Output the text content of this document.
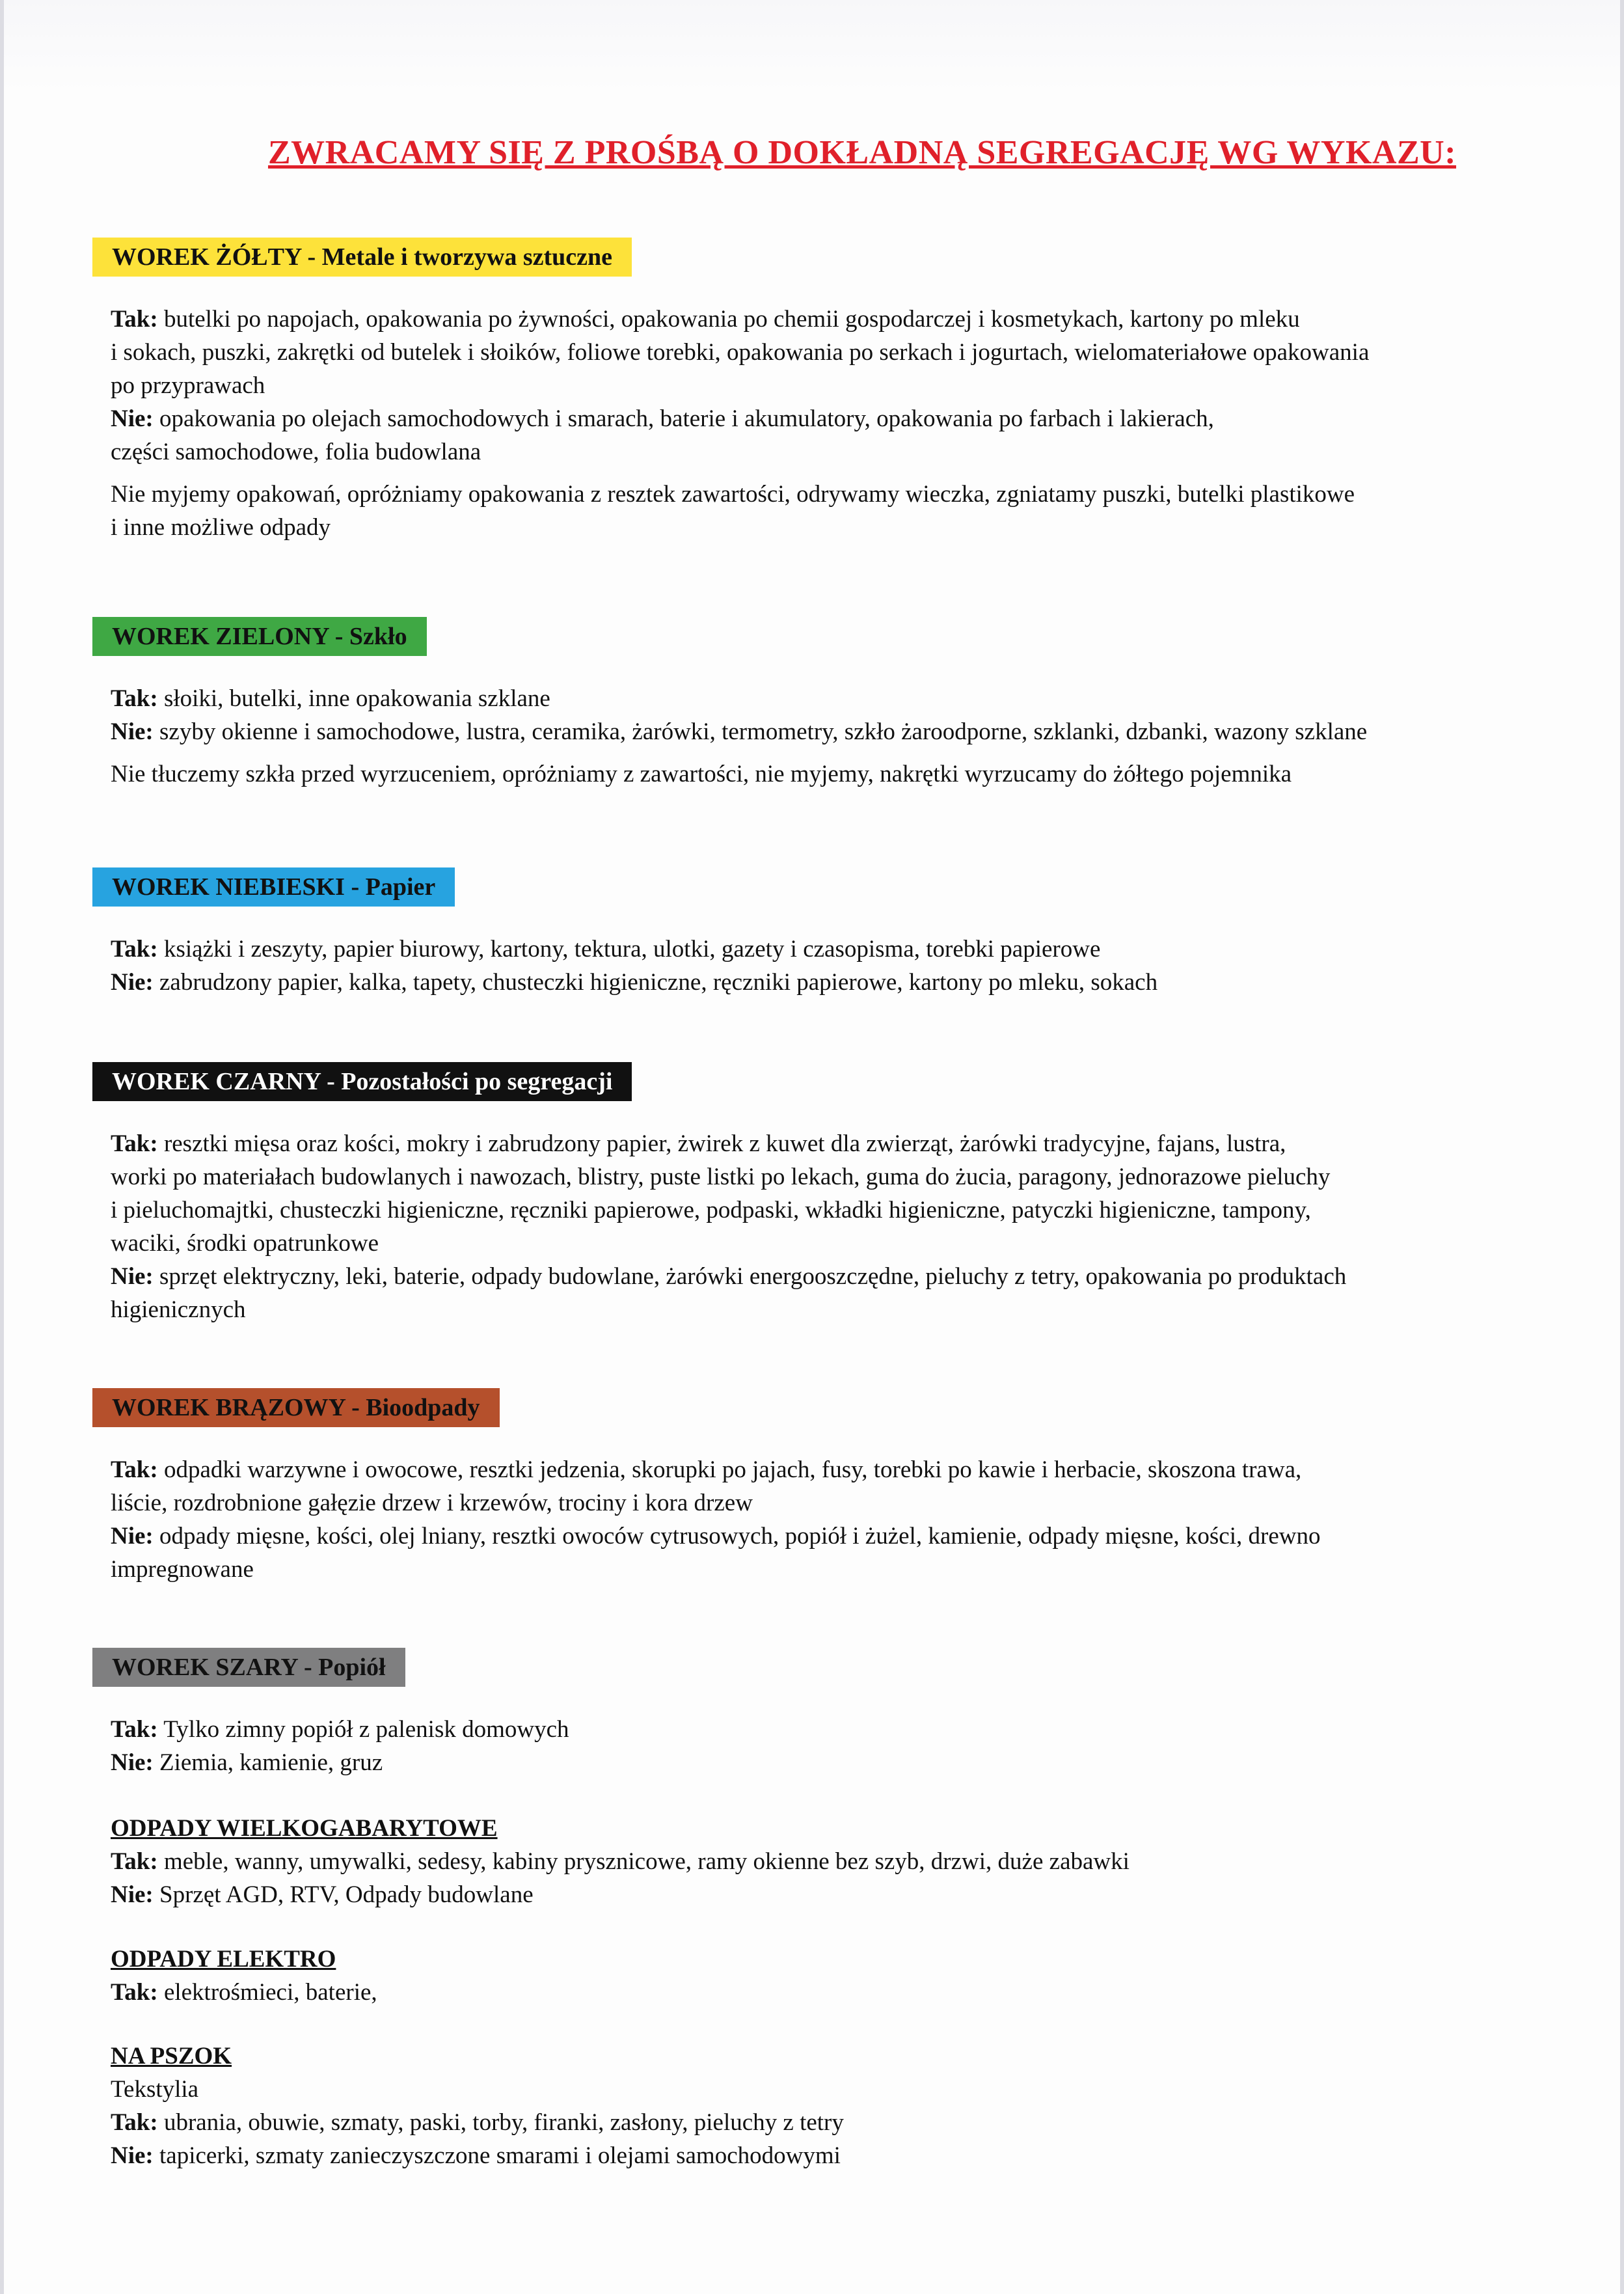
ZWRACAMY SIĘ Z PROŚBĄ O DOKŁADNĄ SEGREGACJĘ WG WYKAZU:
WOREK ŻÓŁTY - Metale i tworzywa sztuczne

Tak: butelki po napojach, opakowania po żywności, opakowania po chemii gospodarczej i kosmetykach, kartony po mleku

i sokach, puszki, zakrętki od butelek i słoików, foliowe torebki, opakowania po serkach i jogurtach, wielomateriałowe opakowania

po przyprawach

Nie: opakowania po olejach samochodowych i smarach, baterie i akumulatory, opakowania po farbach i lakierach,

części samochodowe, folia budowlana

Nie myjemy opakowań, opróżniamy opakowania z resztek zawartości, odrywamy wieczka, zgniatamy puszki, butelki plastikowe

i inne możliwe odpady

WOREK ZIELONY - Szkło

Tak: słoiki, butelki, inne opakowania szklane

Nie: szyby okienne i samochodowe, lustra, ceramika, żarówki, termometry, szkło żaroodporne, szklanki, dzbanki, wazony szklane

Nie tłuczemy szkła przed wyrzuceniem, opróżniamy z zawartości, nie myjemy, nakrętki wyrzucamy do żółtego pojemnika

WOREK NIEBIESKI - Papier

Tak: książki i zeszyty, papier biurowy, kartony, tektura, ulotki, gazety i czasopisma, torebki papierowe

Nie: zabrudzony papier, kalka, tapety, chusteczki higieniczne, ręczniki papierowe, kartony po mleku, sokach

WOREK CZARNY - Pozostałości po segregacji

Tak: resztki mięsa oraz kości, mokry i zabrudzony papier, żwirek z kuwet dla zwierząt, żarówki tradycyjne, fajans, lustra,

worki po materiałach budowlanych i nawozach, blistry, puste listki po lekach, guma do żucia, paragony, jednorazowe pieluchy

i pieluchomajtki, chusteczki higieniczne, ręczniki papierowe, podpaski, wkładki higieniczne, patyczki higieniczne, tampony,

waciki, środki opatrunkowe

Nie: sprzęt elektryczny, leki, baterie, odpady budowlane, żarówki energooszczędne, pieluchy z tetry, opakowania po produktach

higienicznych

WOREK BRĄZOWY - Bioodpady

Tak: odpadki warzywne i owocowe, resztki jedzenia, skorupki po jajach, fusy, torebki po kawie i herbacie, skoszona trawa,

liście, rozdrobnione gałęzie drzew i krzewów, trociny i kora drzew

Nie: odpady mięsne, kości, olej lniany, resztki owoców cytrusowych, popiół i żużel, kamienie, odpady mięsne, kości, drewno

impregnowane

WOREK SZARY - Popiół

Tak: Tylko zimny popiół z palenisk domowych

Nie: Ziemia, kamienie, gruz

ODPADY WIELKOGABARYTOWE

Tak: meble, wanny, umywalki, sedesy, kabiny prysznicowe, ramy okienne bez szyb, drzwi, duże zabawki

Nie: Sprzęt AGD, RTV, Odpady budowlane

ODPADY ELEKTRO

Tak: elektrośmieci, baterie,

NA PSZOK

Tekstylia

Tak: ubrania, obuwie, szmaty, paski, torby, firanki, zasłony, pieluchy z tetry

Nie: tapicerki, szmaty zanieczyszczone smarami i olejami samochodowymi
